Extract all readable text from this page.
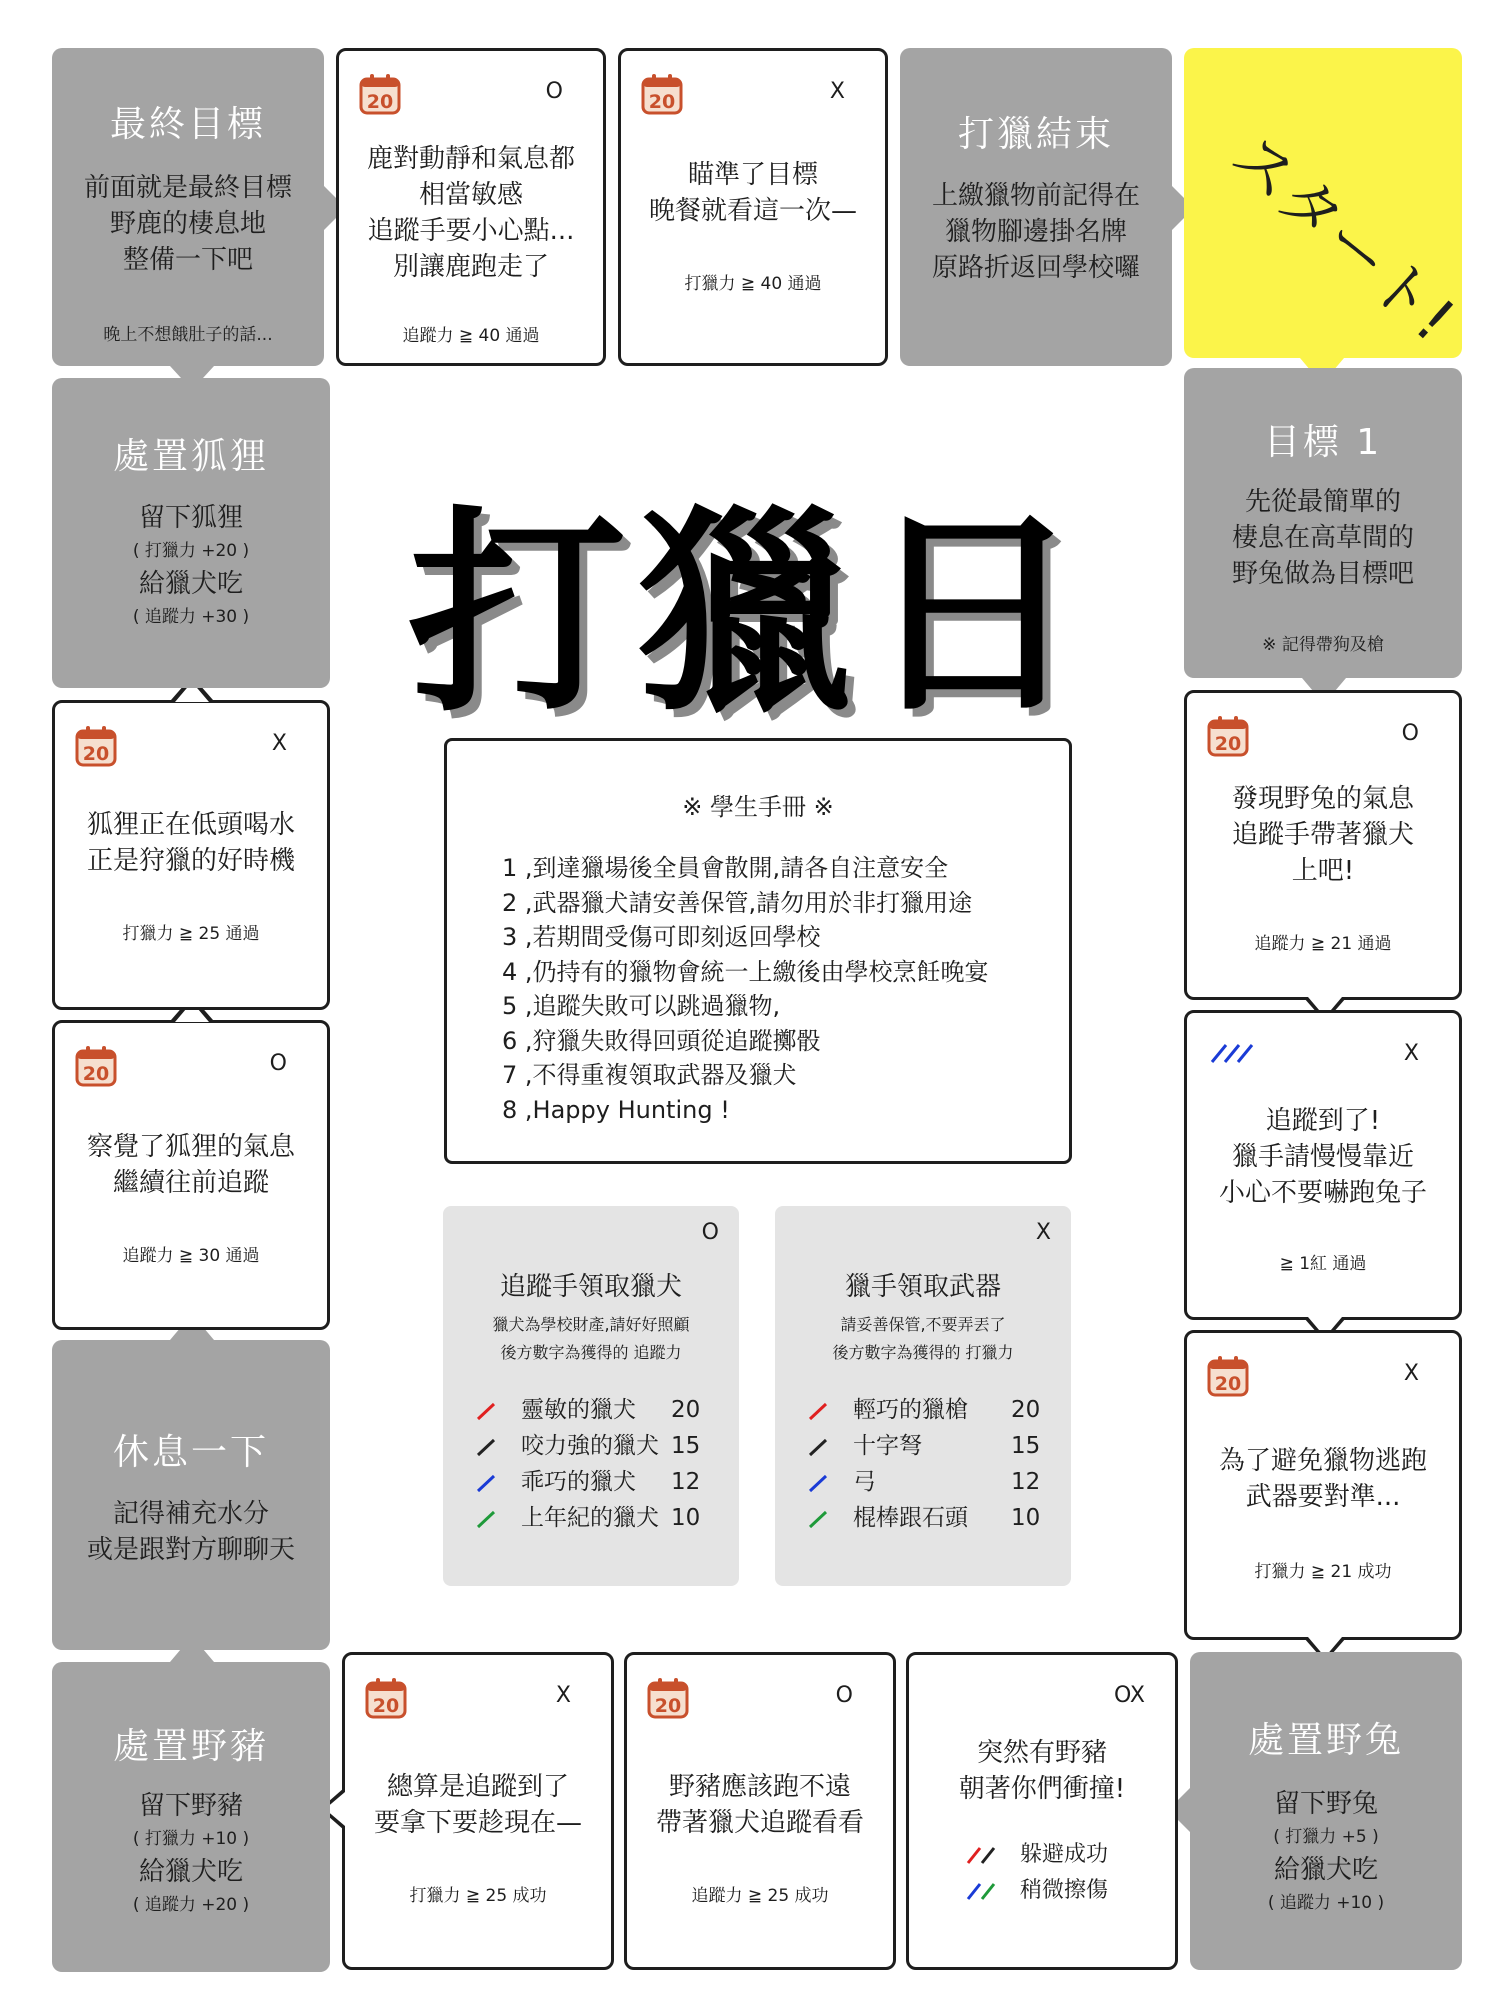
最終目標
前面就是最終目標
野鹿的棲息地
整備一下吧
晚上不想餓肚子的話...
O
鹿對動靜和氣息都
相當敏感
追蹤手要小心點...
別讓鹿跑走了
追蹤力 ≧ 40 通過
X
瞄準了目標
晚餐就看這一次—
打獵力 ≧ 40 通過
打獵結束
上繳獵物前記得在
獵物腳邊掛名牌
原路折返回學校囉	スタート!
目標 1
先從最簡單的
棲息在高草間的
野兔做為目標吧
※ 記得帶狗及槍
O
發現野兔的氣息
追蹤手帶著獵犬
上吧!
追蹤力 ≧ 21 通過
X
追蹤到了!
獵手請慢慢靠近
小心不要嚇跑兔子
≧ 1紅 通過
X
為了避免獵物逃跑
武器要對準...
打獵力 ≧ 21 成功
處置野兔
留下野兔
( 打獵力 +5 )
給獵犬吃
( 追蹤力 +10 )
OX
突然有野豬
朝著你們衝撞!
躲避成功
稍微擦傷
O
野豬應該跑不遠
帶著獵犬追蹤看看
追蹤力 ≧ 25 成功
X
總算是追蹤到了
要拿下要趁現在—
打獵力 ≧ 25 成功
處置野豬
留下野豬
( 打獵力 +10 )
給獵犬吃
( 追蹤力 +20 )
休息一下
記得補充水分
或是跟對方聊聊天
O
察覺了狐狸的氣息
繼續往前追蹤
追蹤力 ≧ 30 通過
X
狐狸正在低頭喝水
正是狩獵的好時機
打獵力 ≧ 25 通過
處置狐狸
留下狐狸
( 打獵力 +20 )
給獵犬吃
( 追蹤力 +30 ) 打獵日
※ 學生手冊 ※
1 ,到達獵場後全員會散開,請各自注意安全
2 ,武器獵犬請安善保管,請勿用於非打獵用途
3 ,若期間受傷可即刻返回學校
4 ,仍持有的獵物會統一上繳後由學校烹飪晚宴
5 ,追蹤失敗可以跳過獵物,
6 ,狩獵失敗得回頭從追蹤擲骰
7 ,不得重複領取武器及獵犬
8 ,Happy Hunting !
O
追蹤手領取獵犬
獵犬為學校財產,請好好照顧
後方數字為獲得的 追蹤力
靈敏的獵犬 20
咬力強的獵犬 15
乖巧的獵犬 12
上年紀的獵犬 10
X
獵手領取武器
請妥善保管,不要弄丟了
後方數字為獲得的 打獵力
輕巧的獵槍 20
十字弩	15
弓	12
棍棒跟石頭 10
